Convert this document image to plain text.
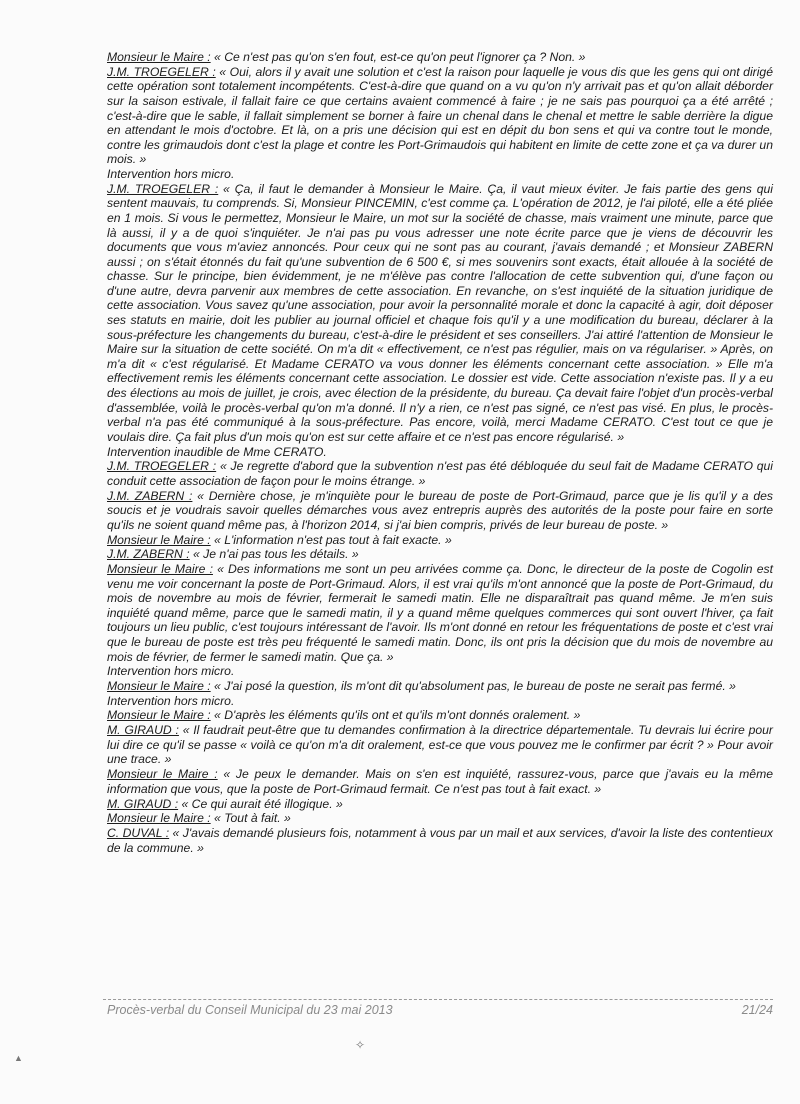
Monsieur le Maire : « Ce n'est pas qu'on s'en fout, est-ce qu'on peut l'ignorer ça ? Non. »
J.M. TROEGELER : « Oui, alors il y avait une solution et c'est la raison pour laquelle je vous dis que les gens qui ont dirigé cette opération sont totalement incompétents. C'est-à-dire que quand on a vu qu'on n'y arrivait pas et qu'on allait déborder sur la saison estivale, il fallait faire ce que certains avaient commencé à faire ; je ne sais pas pourquoi ça a été arrêté ; c'est-à-dire que le sable, il fallait simplement se borner à faire un chenal dans le chenal et mettre le sable derrière la digue en attendant le mois d'octobre. Et là, on a pris une décision qui est en dépit du bon sens et qui va contre tout le monde, contre les grimaudois dont c'est la plage et contre les Port-Grimaudois qui habitent en limite de cette zone et ça va durer un mois. »
Intervention hors micro.
J.M. TROEGELER : « Ça, il faut le demander à Monsieur le Maire. Ça, il vaut mieux éviter. Je fais partie des gens qui sentent mauvais, tu comprends. Si, Monsieur PINCEMIN, c'est comme ça. L'opération de 2012, je l'ai piloté, elle a été pliée en 1 mois. Si vous le permettez, Monsieur le Maire, un mot sur la société de chasse, mais vraiment une minute, parce que là aussi, il y a de quoi s'inquiéter. Je n'ai pas pu vous adresser une note écrite parce que je viens de découvrir les documents que vous m'aviez annoncés. Pour ceux qui ne sont pas au courant, j'avais demandé ; et Monsieur ZABERN aussi ; on s'était étonnés du fait qu'une subvention de 6 500 €, si mes souvenirs sont exacts, était allouée à la société de chasse. Sur le principe, bien évidemment, je ne m'élève pas contre l'allocation de cette subvention qui, d'une façon ou d'une autre, devra parvenir aux membres de cette association. En revanche, on s'est inquiété de la situation juridique de cette association. Vous savez qu'une association, pour avoir la personnalité morale et donc la capacité à agir, doit déposer ses statuts en mairie, doit les publier au journal officiel et chaque fois qu'il y a une modification du bureau, déclarer à la sous-préfecture les changements du bureau, c'est-à-dire le président et ses conseillers. J'ai attiré l'attention de Monsieur le Maire sur la situation de cette société. On m'a dit « effectivement, ce n'est pas régulier, mais on va régulariser. » Après, on m'a dit « c'est régularisé. Et Madame CERATO va vous donner les éléments concernant cette association. » Elle m'a effectivement remis les éléments concernant cette association. Le dossier est vide. Cette association n'existe pas. Il y a eu des élections au mois de juillet, je crois, avec élection de la présidente, du bureau. Ça devait faire l'objet d'un procès-verbal d'assemblée, voilà le procès-verbal qu'on m'a donné. Il n'y a rien, ce n'est pas signé, ce n'est pas visé. En plus, le procès-verbal n'a pas été communiqué à la sous-préfecture. Pas encore, voilà, merci Madame CERATO. C'est tout ce que je voulais dire. Ça fait plus d'un mois qu'on est sur cette affaire et ce n'est pas encore régularisé. »
Intervention inaudible de Mme CERATO.
J.M. TROEGELER : « Je regrette d'abord que la subvention n'est pas été débloquée du seul fait de Madame CERATO qui conduit cette association de façon pour le moins étrange. »
J.M. ZABERN : « Dernière chose, je m'inquiète pour le bureau de poste de Port-Grimaud, parce que je lis qu'il y a des soucis et je voudrais savoir quelles démarches vous avez entrepris auprès des autorités de la poste pour faire en sorte qu'ils ne soient quand même pas, à l'horizon 2014, si j'ai bien compris, privés de leur bureau de poste. »
Monsieur le Maire : « L'information n'est pas tout à fait exacte. »
J.M. ZABERN : « Je n'ai pas tous les détails. »
Monsieur le Maire : « Des informations me sont un peu arrivées comme ça. Donc, le directeur de la poste de Cogolin est venu me voir concernant la poste de Port-Grimaud. Alors, il est vrai qu'ils m'ont annoncé que la poste de Port-Grimaud, du mois de novembre au mois de février, fermerait le samedi matin. Elle ne disparaîtrait pas quand même. Je m'en suis inquiété quand même, parce que le samedi matin, il y a quand même quelques commerces qui sont ouvert l'hiver, ça fait toujours un lieu public, c'est toujours intéressant de l'avoir. Ils m'ont donné en retour les fréquentations de poste et c'est vrai que le bureau de poste est très peu fréquenté le samedi matin. Donc, ils ont pris la décision que du mois de novembre au mois de février, de fermer le samedi matin. Que ça. »
Intervention hors micro.
Monsieur le Maire : « J'ai posé la question, ils m'ont dit qu'absolument pas, le bureau de poste ne serait pas fermé. »
Intervention hors micro.
Monsieur le Maire : « D'après les éléments qu'ils ont et qu'ils m'ont donnés oralement. »
M. GIRAUD : « Il faudrait peut-être que tu demandes confirmation à la directrice départementale. Tu devrais lui écrire pour lui dire ce qu'il se passe « voilà ce qu'on m'a dit oralement, est-ce que vous pouvez me le confirmer par écrit ? » Pour avoir une trace. »
Monsieur le Maire : « Je peux le demander. Mais on s'en est inquiété, rassurez-vous, parce que j'avais eu la même information que vous, que la poste de Port-Grimaud fermait. Ce n'est pas tout à fait exact. »
M. GIRAUD : « Ce qui aurait été illogique. »
Monsieur le Maire : « Tout à fait. »
C. DUVAL : « J'avais demandé plusieurs fois, notamment à vous par un mail et aux services, d'avoir la liste des contentieux de la commune. »
Procès-verbal du Conseil Municipal du 23 mai 2013	21/24
✧
▲
